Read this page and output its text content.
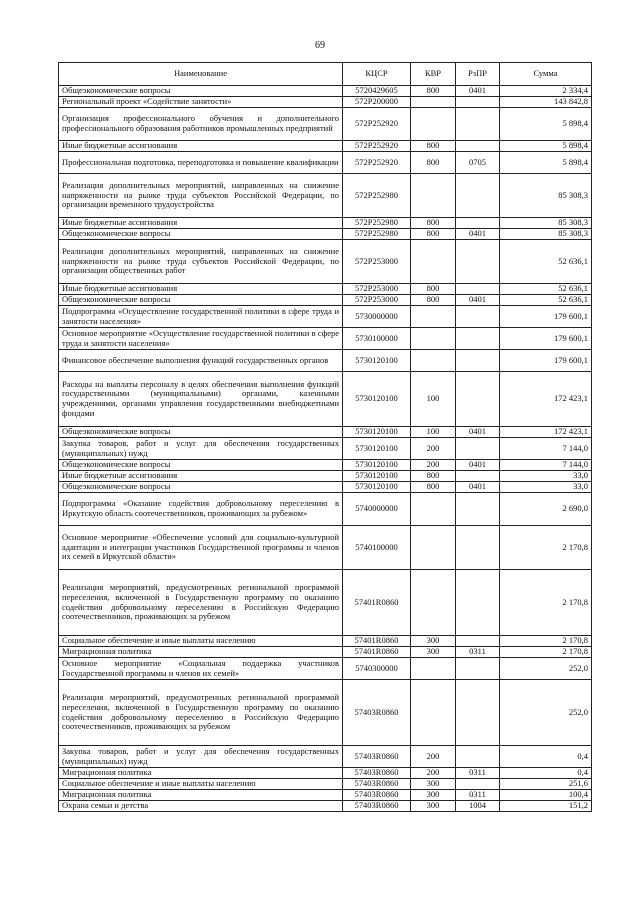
69
Наименование	КЦСР	КВР	РзПР	Сумма
Общеэкономические вопросы	5720429605	800	0401	2 334,4
Региональный проект «Содействие занятости»	572P200000			143 842,8
Организация профессионального обучения и дополнительного профессионального образования работников промышленных предприятий	572P252920			5 898,4
Иные бюджетные ассигнования	572P252920	800		5 898,4
Профессиональная подготовка, переподготовка и повышение квалификации	572P252920	800	0705	5 898,4
Реализация дополнительных мероприятий, направленных на снижение напряженности на рынке труда субъектов Российской Федерации, по организации временного трудоустройства	572P252980			85 308,3
Иные бюджетные ассигнования	572P252980	800		85 308,3
Общеэкономические вопросы	572P252980	800	0401	85 308,3
Реализация дополнительных мероприятий, направленных на снижение напряженности на рынке труда субъектов Российской Федерации, по организации общественных работ	572P253000			52 636,1
Иные бюджетные ассигнования	572P253000	800		52 636,1
Общеэкономические вопросы	572P253000	800	0401	52 636,1
Подпрограмма «Осуществление государственной политики в сфере труда и занятости населения»	5730000000			179 600,1
Основное мероприятие «Осуществление государственной политики в сфере труда и занятости населения»	5730100000			179 600,1
Финансовое обеспечение выполнения функций государственных органов	5730120100			179 600,1
Расходы на выплаты персоналу в целях обеспечения выполнения функций государственными (муниципальными) органами, казенными учреждениями, органами управления государственными внебюджетными фондами	5730120100	100		172 423,1
Общеэкономические вопросы	5730120100	100	0401	172 423,1
Закупка товаров, работ и услуг для обеспечения государственных (муниципальных) нужд	5730120100	200		7 144,0
Общеэкономические вопросы	5730120100	200	0401	7 144,0
Иные бюджетные ассигнования	5730120100	800		33,0
Общеэкономические вопросы	5730120100	800	0401	33,0
Подпрограмма «Оказание содействия добровольному переселению в Иркутскую область соотечественников, проживающих за рубежом»	5740000000			2 690,0
Основное мероприятие «Обеспечение условий для социально-культурной адаптации и интеграции участников Государственной программы и членов их семей в Иркутской области»	5740100000			2 170,8
Реализация мероприятий, предусмотренных региональной программой переселения, включенной в Государственную программу по оказанию содействия добровольному переселению в Российскую Федерацию соотечественников, проживающих за рубежом	57401R0860			2 170,8
Социальное обеспечение и иные выплаты населению	57401R0860	300		2 170,8
Миграционная политика	57401R0860	300	0311	2 170,8
Основное мероприятие «Социальная поддержка участников Государственной программы и членов их семей»	5740300000			252,0
Реализация мероприятий, предусмотренных региональной программой переселения, включенной в Государственную программу по оказанию содействия добровольному переселению в Российскую Федерацию соотечественников, проживающих за рубежом	57403R0860			252,0
Закупка товаров, работ и услуг для обеспечения государственных (муниципальных) нужд	57403R0860	200		0,4
Миграционная политика	57403R0860	200	0311	0,4
Социальное обеспечение и иные выплаты населению	57403R0860	300		251,6
Миграционная политика	57403R0860	300	0311	100,4
Охрана семьи и детства	57403R0860	300	1004	151,2
